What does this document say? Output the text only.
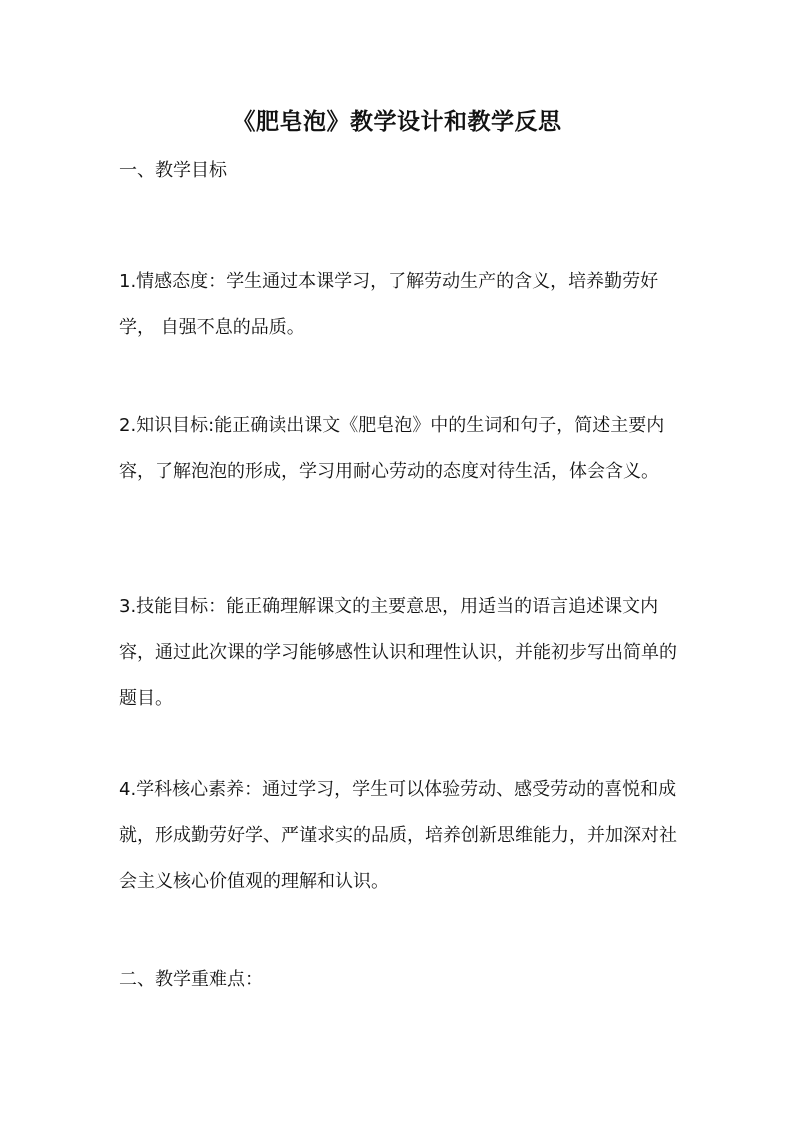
《肥皂泡》教学设计和教学反思
一、教学目标
1.情感态度：学生通过本课学习，了解劳动生产的含义，培养勤劳好学， 自强不息的品质。
2.知识目标:能正确读出课文《肥皂泡》中的生词和句子，简述主要内容，了解泡泡的形成，学习用耐心劳动的态度对待生活，体会含义。
3.技能目标：能正确理解课文的主要意思，用适当的语言追述课文内容，通过此次课的学习能够感性认识和理性认识，并能初步写出简单的题目。
4.学科核心素养：通过学习，学生可以体验劳动、感受劳动的喜悦和成就，形成勤劳好学、严谨求实的品质，培养创新思维能力，并加深对社会主义核心价值观的理解和认识。
二、教学重难点：
